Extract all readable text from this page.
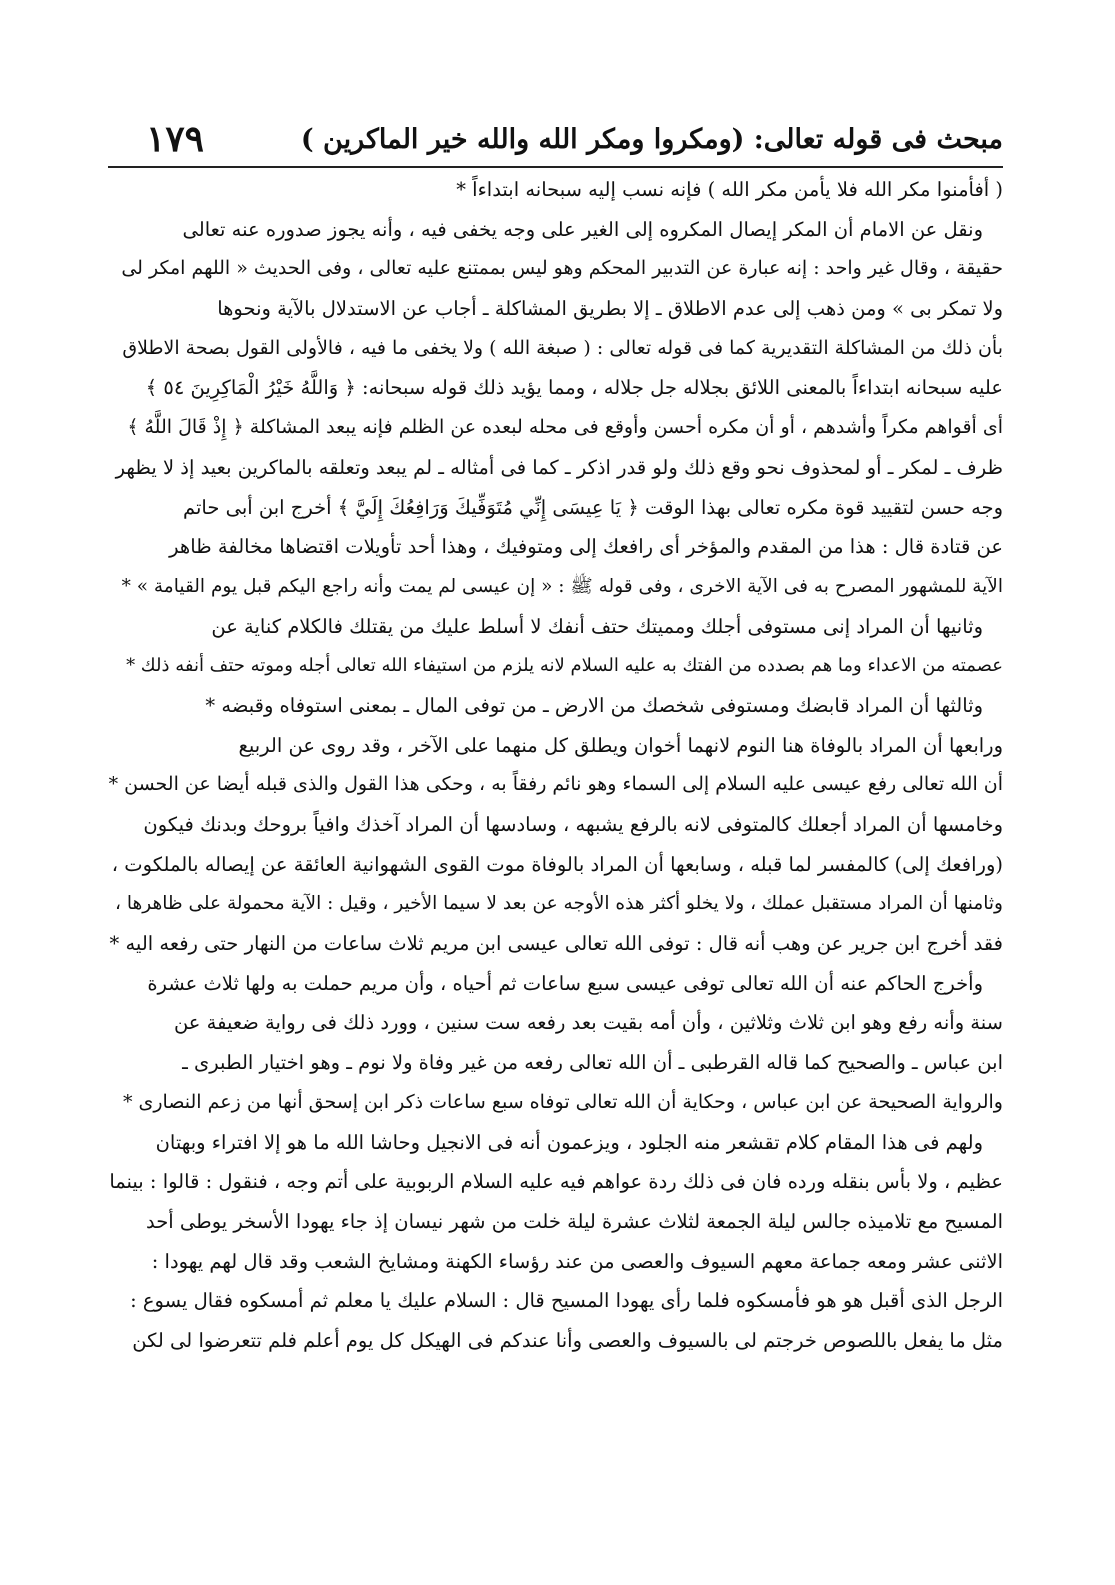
مبحث فى قوله تعالى: (ومكروا ومكر الله والله خير الماكرين )
١٧٩
( أفأمنوا مكر الله فلا يأمن مكر الله ) فإنه نسب إليه سبحانه ابتداءاً *
ونقل عن الامام أن المكر إيصال المكروه إلى الغير على وجه يخفى فيه ، وأنه يجوز صدوره عنه تعالى
حقيقة ، وقال غير واحد : إنه عبارة عن التدبير المحكم وهو ليس بممتنع عليه تعالى ، وفى الحديث « اللهم امكر لى
ولا تمكر بى » ومن ذهب إلى عدم الاطلاق ـ إلا بطريق المشاكلة ـ أجاب عن الاستدلال بالآية ونحوها
بأن ذلك من المشاكلة التقديرية كما فى قوله تعالى : ( صبغة الله ) ولا يخفى ما فيه ، فالأولى القول بصحة الاطلاق
عليه سبحانه ابتداءاً بالمعنى اللائق بجلاله جل جلاله ، ومما يؤيد ذلك قوله سبحانه: ﴿ وَاللَّهُ خَيْرُ الْمَاكِرِينَ ٥٤ ﴾
أى أقواهم مكراً وأشدهم ، أو أن مكره أحسن وأوقع فى محله لبعده عن الظلم فإنه يبعد المشاكلة ﴿ إِذْ قَالَ اللَّهُ ﴾
ظرف ـ لمكر ـ أو لمحذوف نحو وقع ذلك ولو قدر اذكر ـ كما فى أمثاله ـ لم يبعد وتعلقه بالماكرين بعيد إذ لا يظهر
وجه حسن لتقييد قوة مكره تعالى بهذا الوقت ﴿ يَا عِيسَى إِنِّي مُتَوَفِّيكَ وَرَافِعُكَ إِلَيَّ ﴾ أخرج ابن أبى حاتم
عن قتادة قال : هذا من المقدم والمؤخر أى رافعك إلى ومتوفيك ، وهذا أحد تأويلات اقتضاها مخالفة ظاهر
الآية للمشهور المصرح به فى الآية الاخرى ، وفى قوله ﷺ : « إن عيسى لم يمت وأنه راجع اليكم قبل يوم القيامة » *
وثانيها أن المراد إنى مستوفى أجلك ومميتك حتف أنفك لا أسلط عليك من يقتلك فالكلام كناية عن
عصمته من الاعداء وما هم بصدده من الفتك به عليه السلام لانه يلزم من استيفاء الله تعالى أجله وموته حتف أنفه ذلك *
وثالثها أن المراد قابضك ومستوفى شخصك من الارض ـ من توفى المال ـ بمعنى استوفاه وقبضه *
ورابعها أن المراد بالوفاة هنا النوم لانهما أخوان ويطلق كل منهما على الآخر ، وقد روى عن الربيع
أن الله تعالى رفع عيسى عليه السلام إلى السماء وهو نائم رفقاً به ، وحكى هذا القول والذى قبله أيضا عن الحسن *
وخامسها أن المراد أجعلك كالمتوفى لانه بالرفع يشبهه ، وسادسها أن المراد آخذك وافياً بروحك وبدنك فيكون
(ورافعك إلى) كالمفسر لما قبله ، وسابعها أن المراد بالوفاة موت القوى الشهوانية العائقة عن إيصاله بالملكوت ،
وثامنها أن المراد مستقبل عملك ، ولا يخلو أكثر هذه الأوجه عن بعد لا سيما الأخير ، وقيل : الآية محمولة على ظاهرها ،
فقد أخرج ابن جرير عن وهب أنه قال : توفى الله تعالى عيسى ابن مريم ثلاث ساعات من النهار حتى رفعه اليه *
وأخرج الحاكم عنه أن الله تعالى توفى عيسى سبع ساعات ثم أحياه ، وأن مريم حملت به ولها ثلاث عشرة
سنة وأنه رفع وهو ابن ثلاث وثلاثين ، وأن أمه بقيت بعد رفعه ست سنين ، وورد ذلك فى رواية ضعيفة عن
ابن عباس ـ والصحيح كما قاله القرطبى ـ أن الله تعالى رفعه من غير وفاة ولا نوم ـ وهو اختيار الطبرى ـ
والرواية الصحيحة عن ابن عباس ، وحكاية أن الله تعالى توفاه سبع ساعات ذكر ابن إسحق أنها من زعم النصارى *
ولهم فى هذا المقام كلام تقشعر منه الجلود ، ويزعمون أنه فى الانجيل وحاشا الله ما هو إلا افتراء وبهتان
عظيم ، ولا بأس بنقله ورده فان فى ذلك ردة عواهم فيه عليه السلام الربوبية على أتم وجه ، فنقول : قالوا : بينما
المسيح مع تلاميذه جالس ليلة الجمعة لثلاث عشرة ليلة خلت من شهر نيسان إذ جاء يهودا الأسخر يوطى أحد
الاثنى عشر ومعه جماعة معهم السيوف والعصى من عند رؤساء الكهنة ومشايخ الشعب وقد قال لهم يهودا :
الرجل الذى أقبل هو هو فأمسكوه فلما رأى يهودا المسيح قال : السلام عليك يا معلم ثم أمسكوه فقال يسوع :
مثل ما يفعل باللصوص خرجتم لى بالسيوف والعصى وأنا عندكم فى الهيكل كل يوم أعلم فلم تتعرضوا لى لكن
